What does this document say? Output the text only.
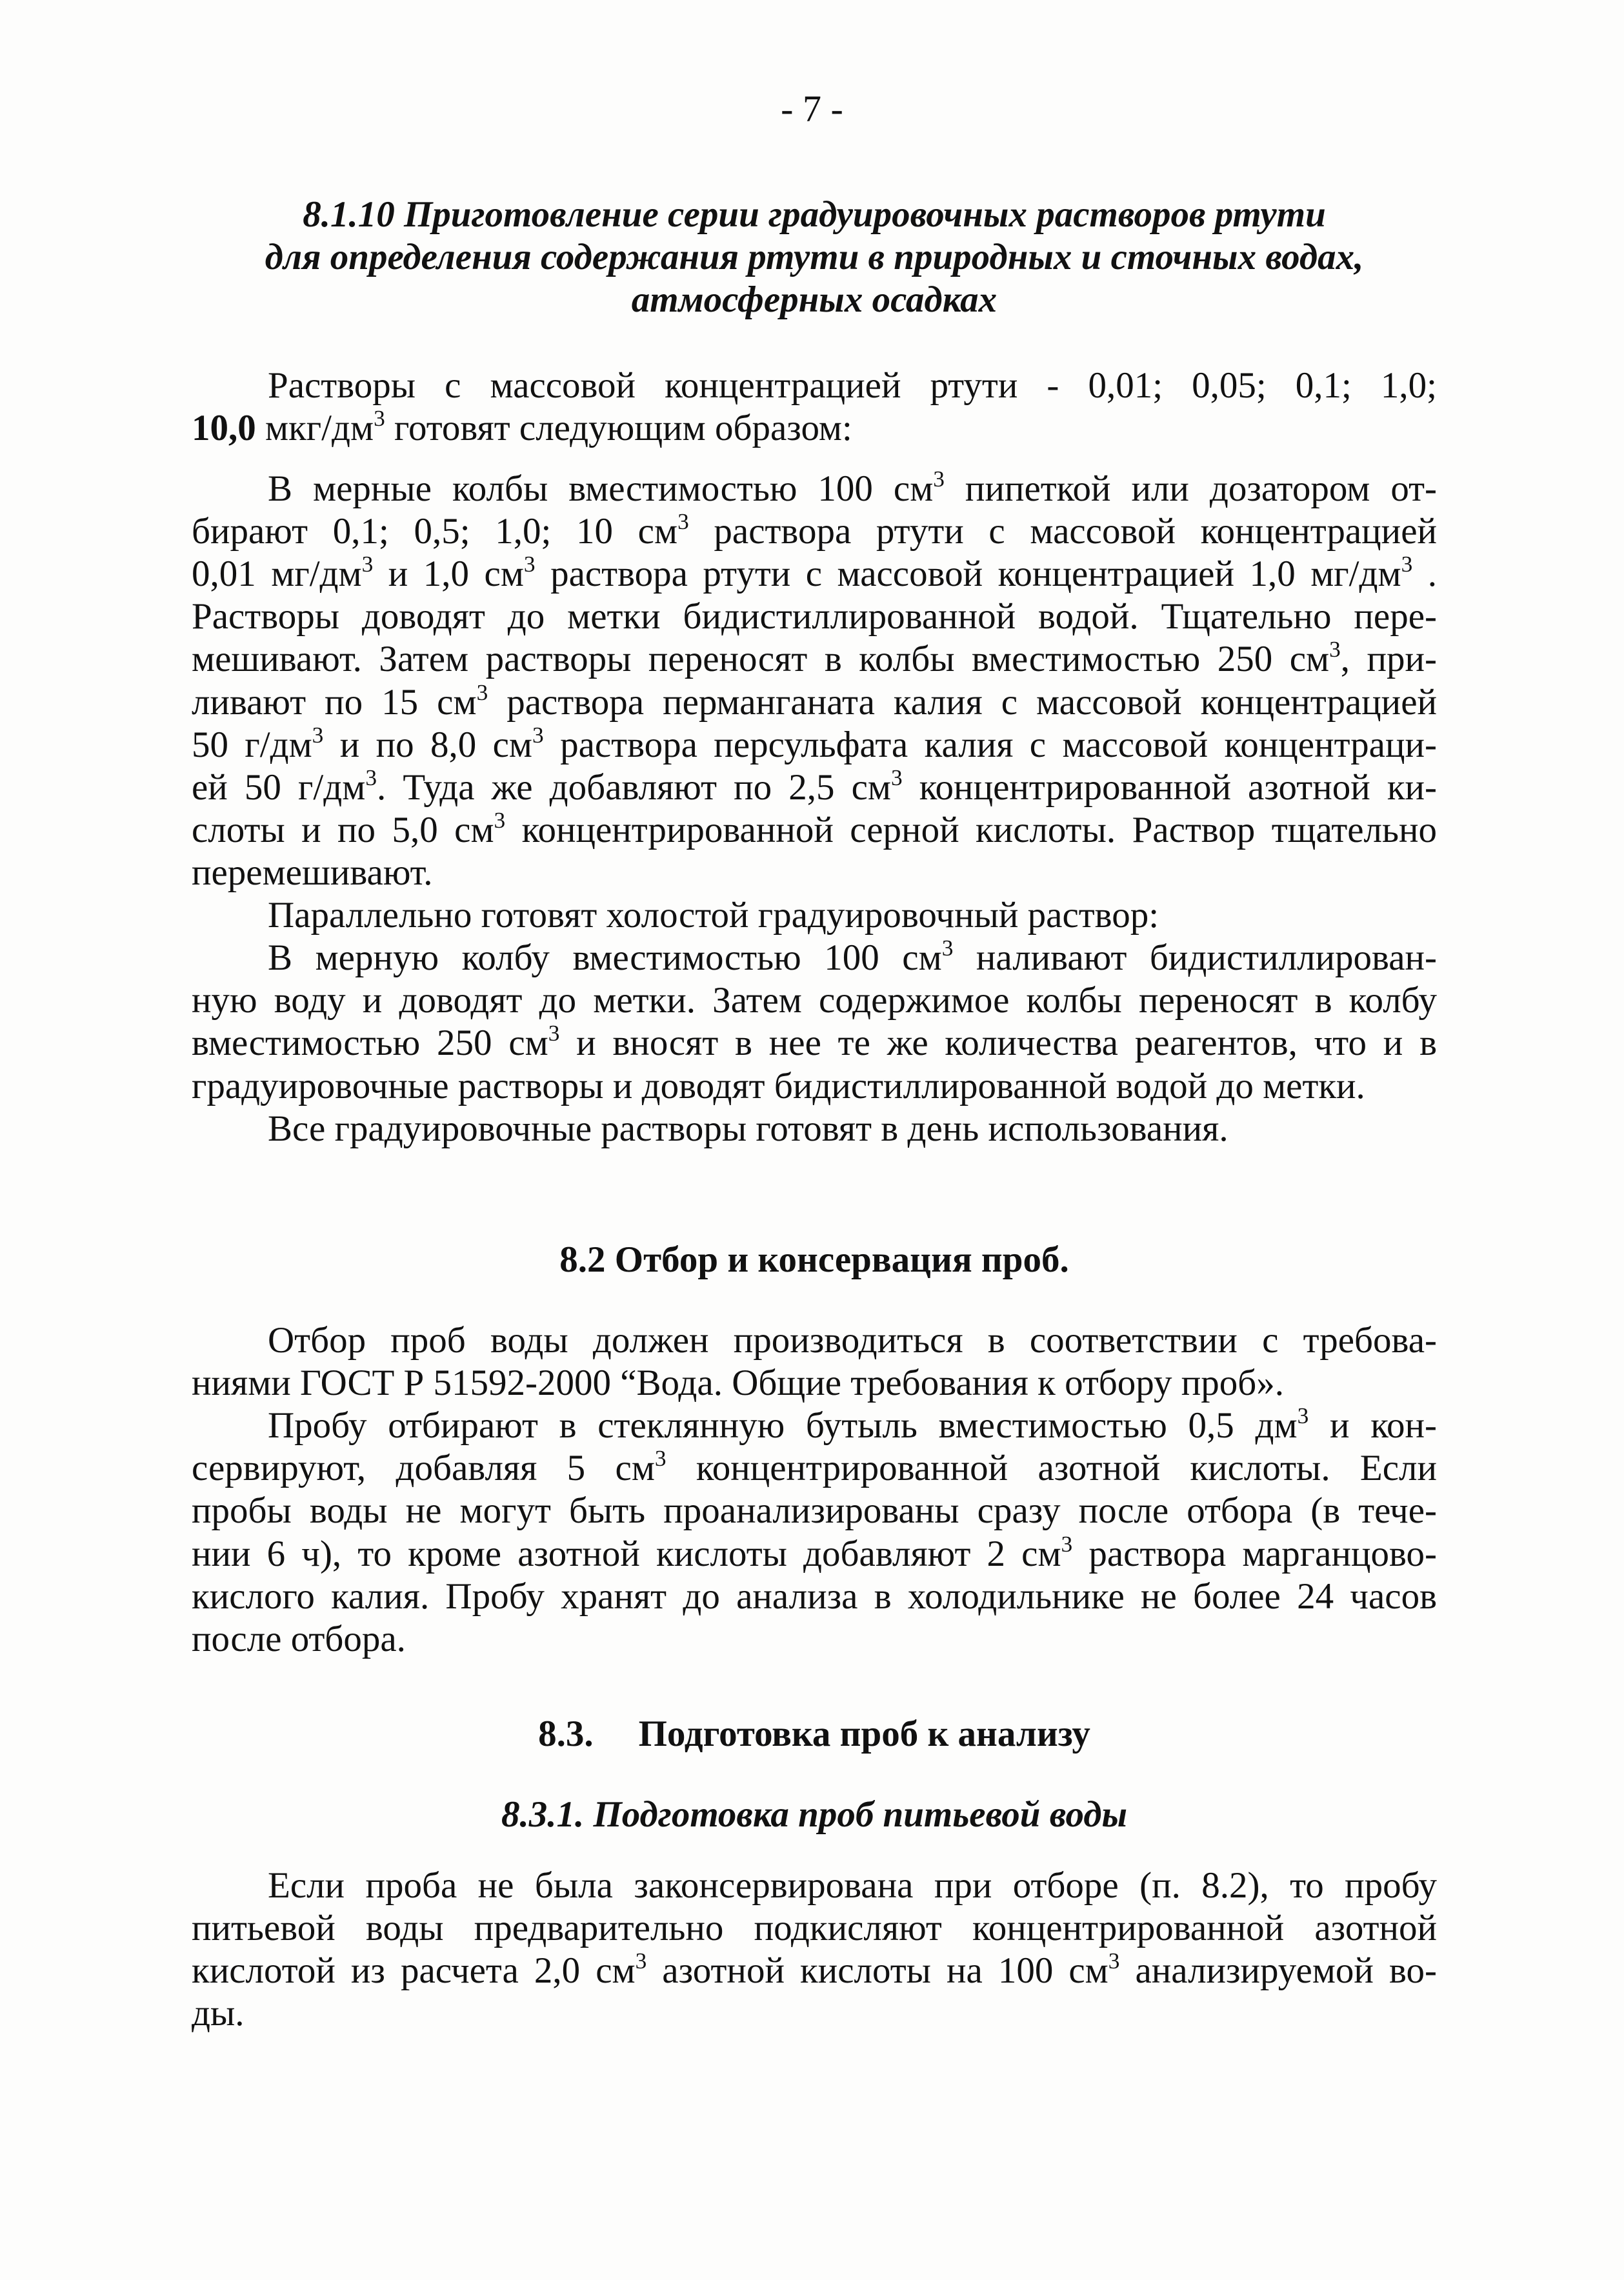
- 7 -
8.1.10 Приготовление серии градуировочных растворов ртути
для определения содержания ртути в природных и сточных водах,
атмосферных осадках
Растворы с массовой концентрацией ртути - 0,01; 0,05; 0,1; 1,0;
10,0 мкг/$дм^3$ готовят следующим образом:
В мерные колбы вместимостью 100 $см^3$ пипеткой или дозатором от-
бирают 0,1; 0,5; 1,0; 10 $см^3$ раствора ртути с массовой концентрацией
0,01 $мг/дм^3$ и 1,0 $см^3$ раствора ртути с массовой концентрацией 1,0 $мг/дм^3$ .
Растворы доводят до метки бидистиллированной водой. Тщательно пере-
мешивают. Затем растворы переносят в колбы вместимостью 250 $см^3$, при-
ливают по 15 $см^3$ раствора перманганата калия с массовой концентрацией
50 $г/дм^3$ и по 8,0 $см^3$ раствора персульфата калия с массовой концентраци-
ей 50 $г/дм^3$. Туда же добавляют по 2,5 $см^3$ концентрированной азотной ки-
слоты и по 5,0 $см^3$ концентрированной серной кислоты. Раствор тщательно
перемешивают.
Параллельно готовят холостой градуировочный раствор:
В мерную колбу вместимостью 100 $см^3$ наливают бидистиллирован-
ную воду и доводят до метки. Затем содержимое колбы переносят в колбу
вместимостью 250 $см^3$ и вносят в нее те же количества реагентов, что и в
градуировочные растворы и доводят бидистиллированной водой до метки.
Все градуировочные растворы готовят в день использования.
8.2 Отбор и консервация проб.
Отбор проб воды должен производиться в соответствии с требова-
ниями ГОСТ Р 51592-2000 “Вода. Общие требования к отбору проб».
Пробу отбирают в стеклянную бутыль вместимостью 0,5 $дм^3$ и кон-
сервируют, добавляя 5 $см^3$ концентрированной азотной кислоты. Если
пробы воды не могут быть проанализированы сразу после отбора (в тече-
нии 6 ч), то кроме азотной кислоты добавляют 2 $см^3$ раствора марганцово-
кислого калия. Пробу хранят до анализа в холодильнике не более 24 часов
после отбора.
8.3. Подготовка проб к анализу
8.3.1. Подготовка проб питьевой воды
Если проба не была законсервирована при отборе (п. 8.2), то пробу
питьевой воды предварительно подкисляют концентрированной азотной
кислотой из расчета 2,0 $см^3$ азотной кислоты на 100 $см^3$ анализируемой во-
ды.
